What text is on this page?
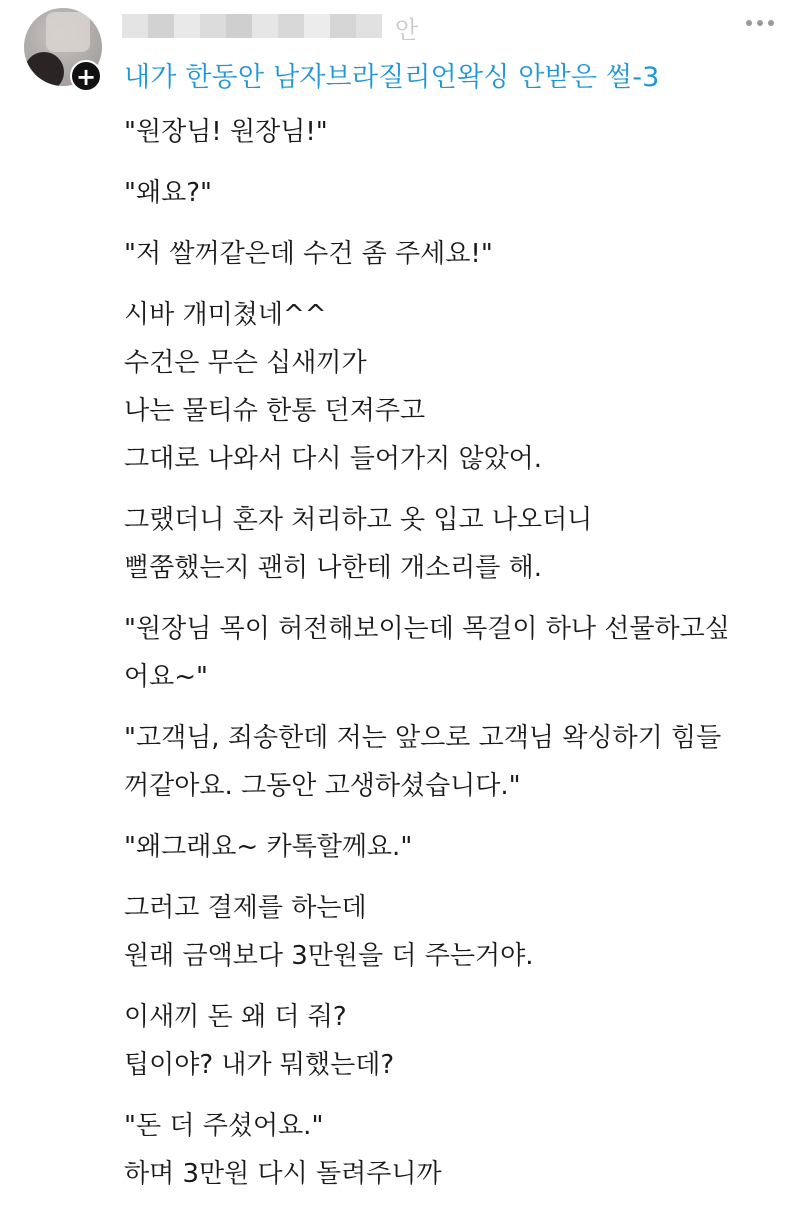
+
안
내가 한동안 남자브라질리언왁싱 안받은 썰-3

"원장님! 원장님!"

"왜요?"

"저 쌀꺼같은데 수건 좀 주세요!"

시바 개미쳤네^^
수건은 무슨 십새끼가
나는 물티슈 한통 던져주고
그대로 나와서 다시 들어가지 않았어.

그랬더니 혼자 처리하고 옷 입고 나오더니
뻘쭘했는지 괜히 나한테 개소리를 해.

"원장님 목이 허전해보이는데 목걸이 하나 선물하고싶
어요~"

"고객님, 죄송한데 저는 앞으로 고객님 왁싱하기 힘들
꺼같아요. 그동안 고생하셨습니다."

"왜그래요~ 카톡할께요."

그러고 결제를 하는데
원래 금액보다 3만원을 더 주는거야.

이새끼 돈 왜 더 줘?
팁이야? 내가 뭐했는데?

"돈 더 주셨어요."
하며 3만원 다시 돌려주니까
